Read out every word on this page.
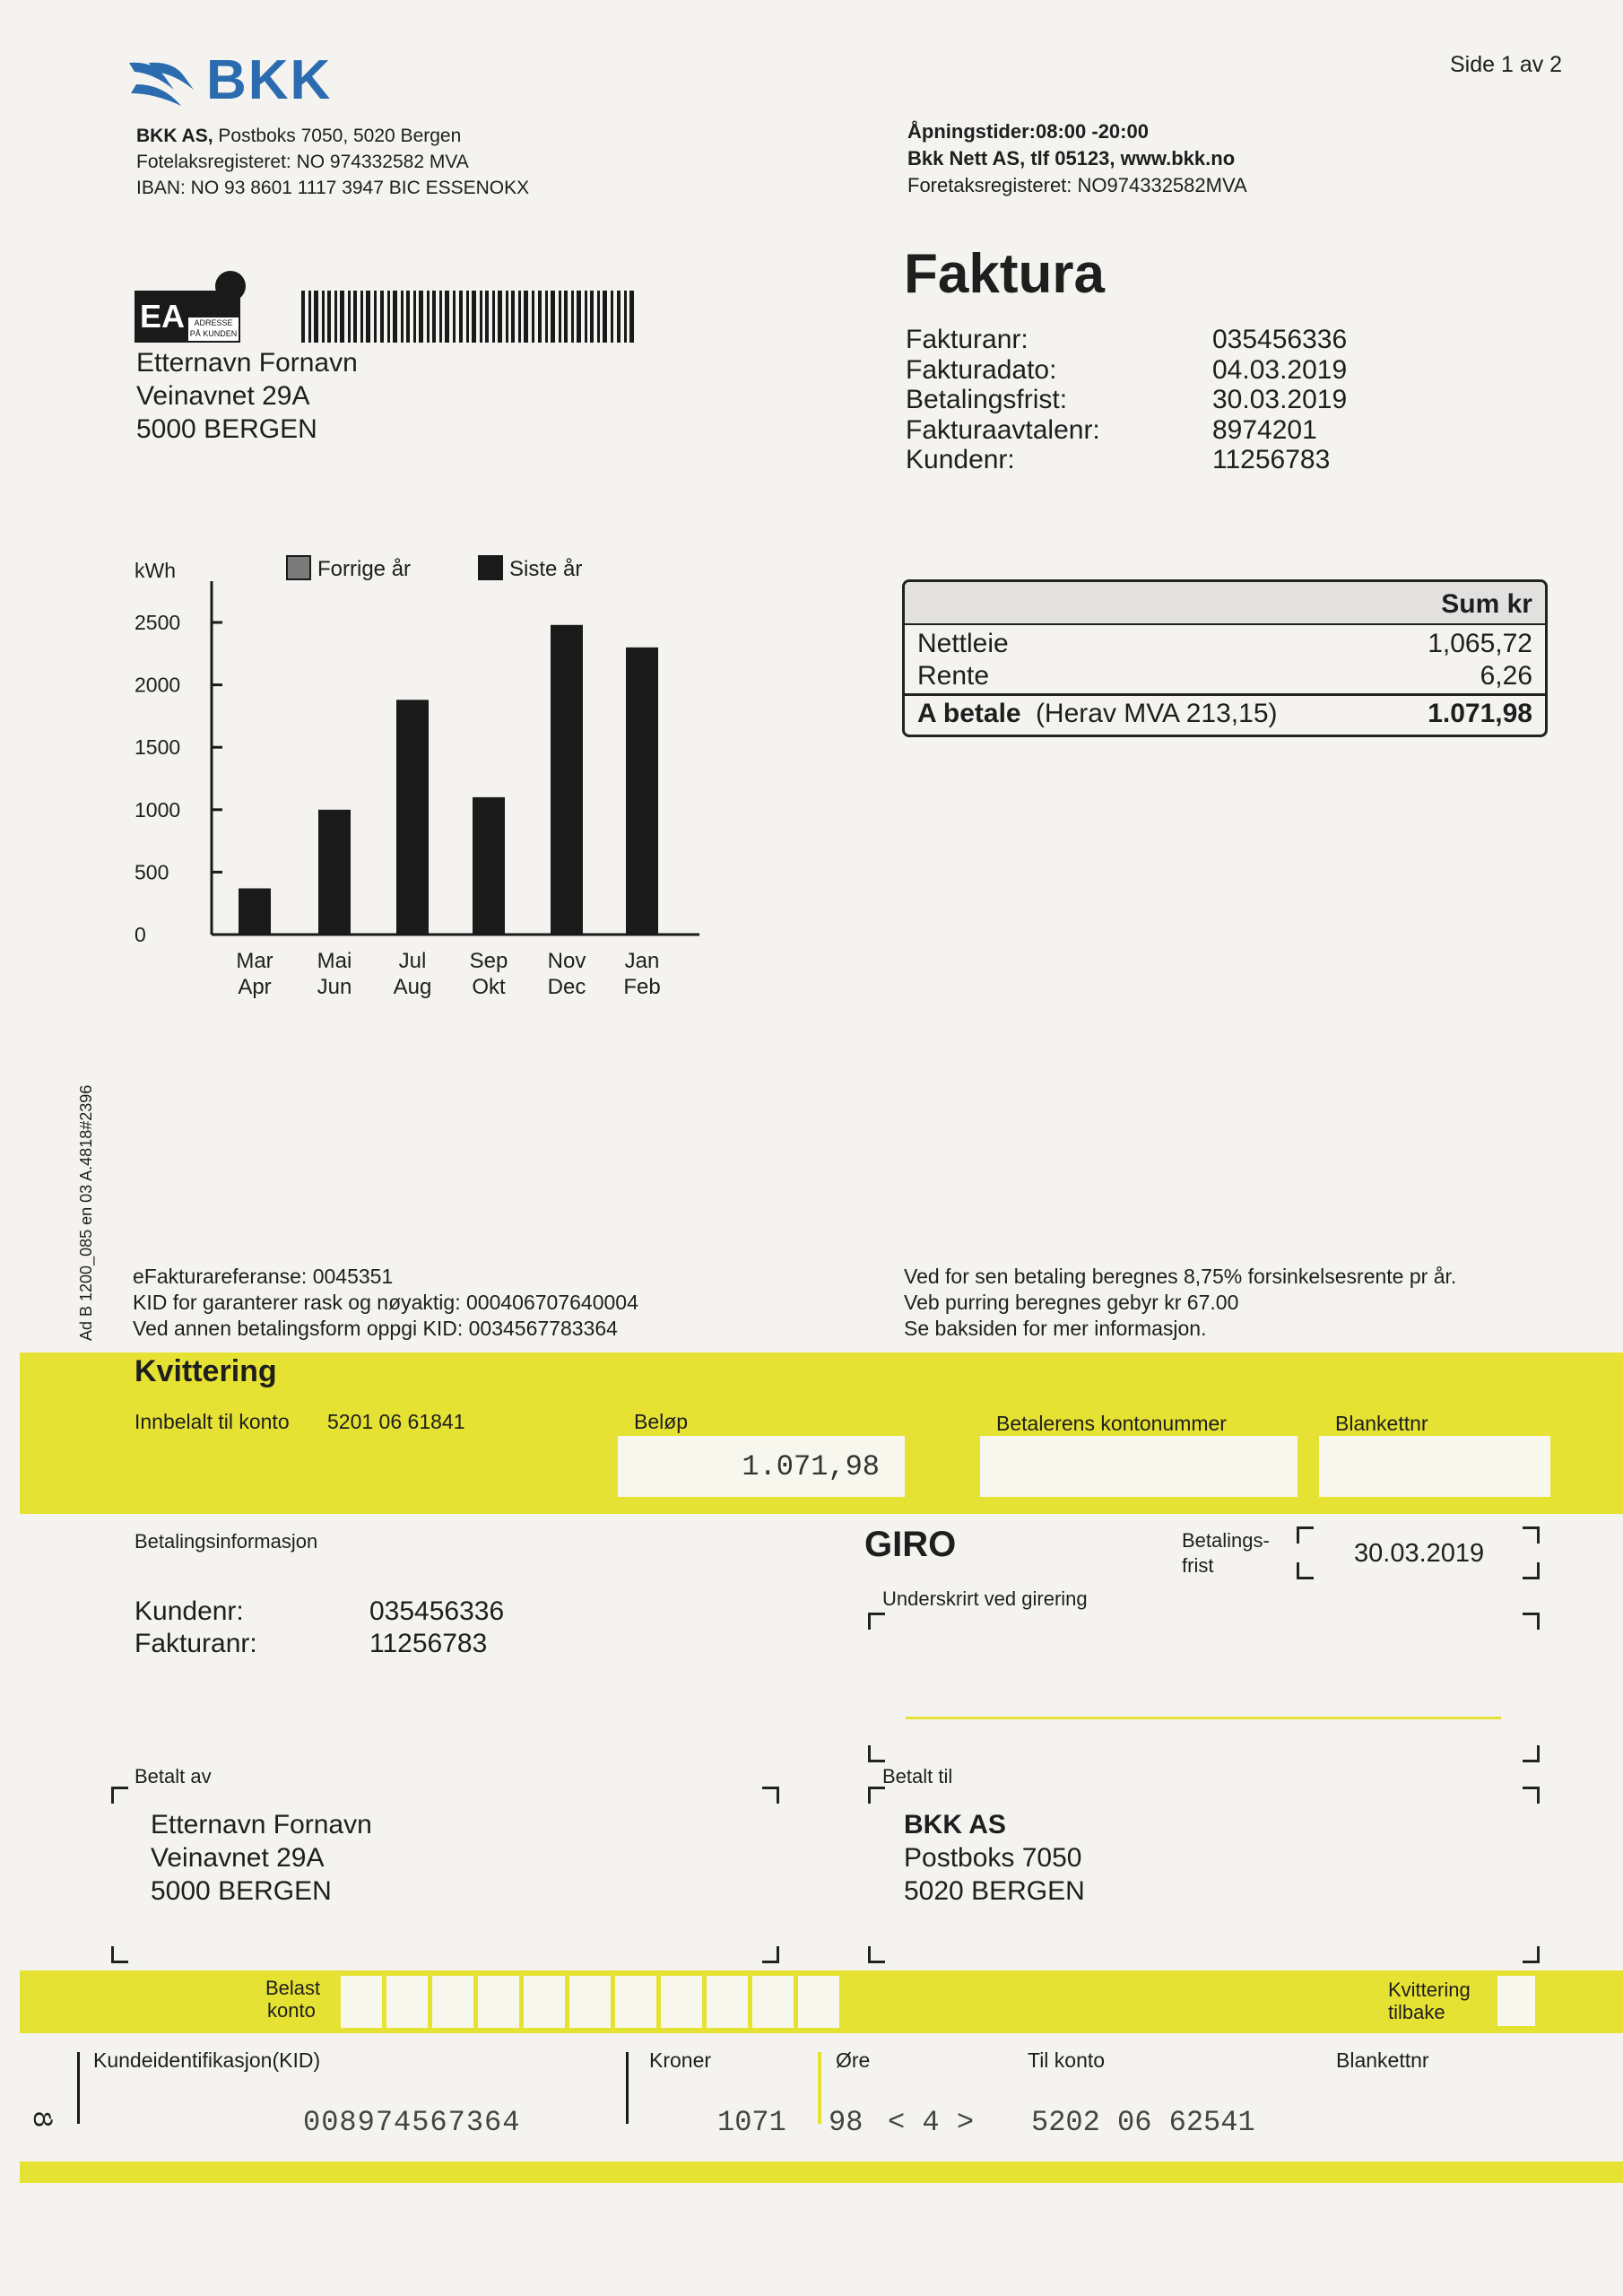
Side 1 av 2
BKK
BKK AS, Postboks 7050, 5020 Bergen
Fotelaksregisteret: NO 974332582 MVA
IBAN: NO 93 8601 1117 3947 BIC ESSENOKX
Åpningstider:08:00 -20:00
Bkk Nett AS, tlf 05123, www.bkk.no
Foretaksregisteret: NO974332582MVA
EA	ADRESSE
PÅ KUNDEN
Etternavn Fornavn
Veinavnet 29A
5000 BERGEN
Faktura
Fakturanr:	035456336
Fakturadato:	04.03.2019
Betalingsfrist:	30.03.2019
Fakturaavtalenr:	8974201
Kundenr:	11256783
Sum kr
Nettleie	1,065,72
Rente	6,26
A betale (Herav MVA 213,15)	1.071,98
kWh
2500
2000
1500
1000
500
0
Forrige år	Siste år
Mar
Apr
Mai
Jun
Jul
Aug
Sep
Okt
Nov
Dec
Jan
Feb
Ad B 1200_085 en 03 A.4818#2396 eFakturareferanse: 0045351
KID for garanterer rask og nøyaktig: 000406707640004
Ved annen betalingsform oppgi KID: 0034567783364
Ved for sen betaling beregnes 8,75% forsinkelsesrente pr år.
Veb purring beregnes gebyr kr 67.00
Se baksiden for mer informasjon.
Kvittering
Innbelalt til konto 5201 06 61841	Beløp
1.071,98
Betalerens kontonummer	Blankettnr
Betalingsinformasjon
Kundenr:	035456336
Fakturanr:	11256783
GIRO	Betalings-
frist	30.03.2019
Underskrirt ved girering
Betalt av
Etternavn Fornavn
Veinavnet 29A
5000 BERGEN
Betalt til
BKK AS
Postboks 7050
5020 BERGEN
Belast
konto
Kvittering
tilbake
Ȣ
Kundeidentifikasjon(KID)
008974567364
Kroner
1071
Øre
98 < 4 >
Til konto
5202 06 62541
Blankettnr
